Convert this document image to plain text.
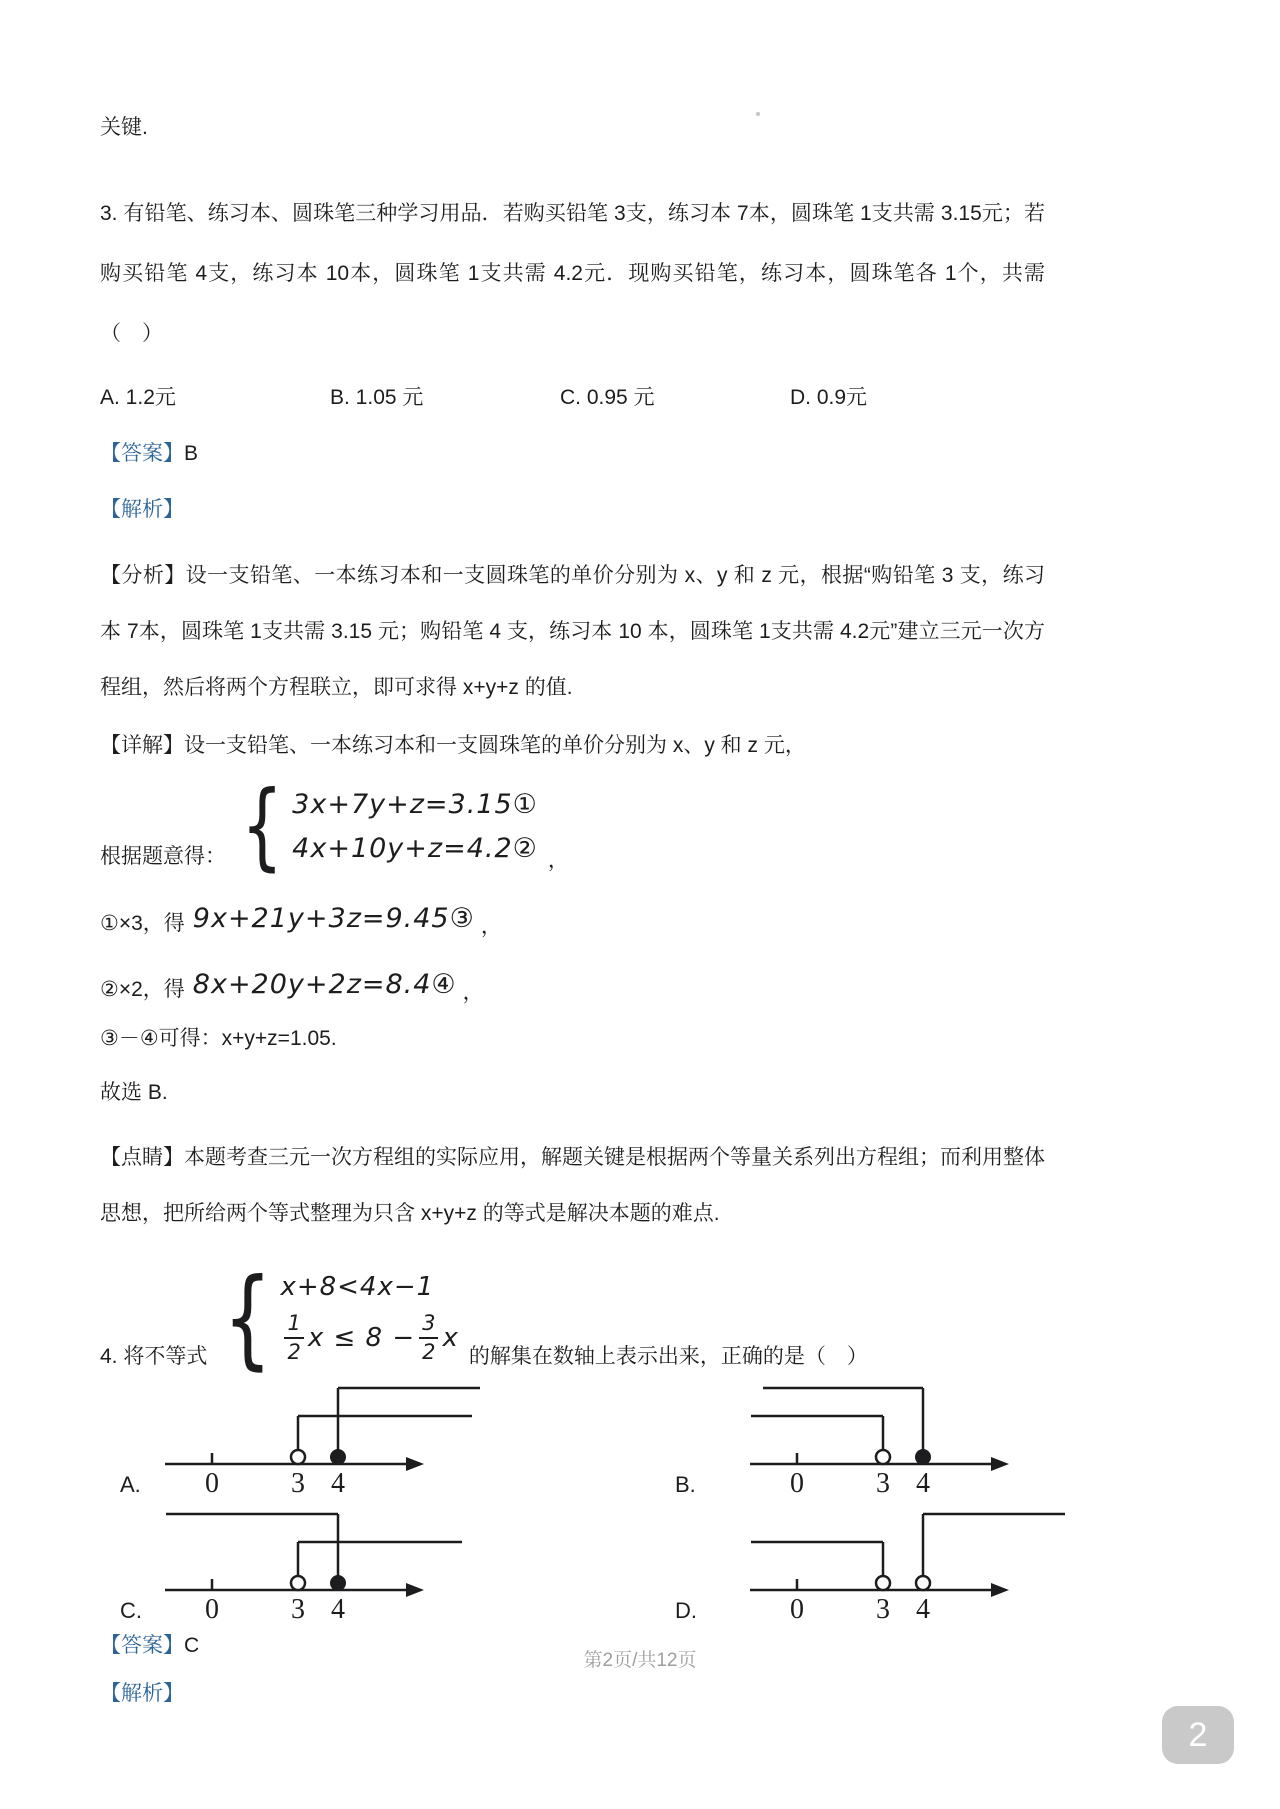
关键.

3. 有铅笔、练习本、圆珠笔三种学习用品．若购买铅笔 3支，练习本 7本，圆珠笔 1支共需 3.15元；若购买铅笔 4支，练习本 10本，圆珠笔 1支共需 4.2元．现购买铅笔，练习本，圆珠笔各 1个，共需（　）

A. 1.2元	B. 1.05 元	C. 0.95 元	D. 0.9元

【答案】B

【解析】

【分析】设一支铅笔、一本练习本和一支圆珠笔的单价分别为 x、y 和 z 元，根据“购铅笔 3 支，练习本 7本，圆珠笔 1支共需 3.15 元；购铅笔 4 支，练习本 10 本，圆珠笔 1支共需 4.2元”建立三元一次方程组，然后将两个方程联立，即可求得 x+y+z 的值.

【详解】设一支铅笔、一本练习本和一支圆珠笔的单价分别为 x、y 和 z 元，

根据题意得： { 3x+7y+z=3.15①
4x+10y+z=4.2② ，
①×3，得 9x+21y+3z=9.45③ ，
②×2，得 8x+20y+2z=8.4④ ，

③－④可得：x+y+z=1.05.

故选 B.

【点睛】本题考查三元一次方程组的实际应用，解题关键是根据两个等量关系列出方程组；而利用整体思想，把所给两个等式整理为只含 x+y+z 的等式是解决本题的难点.

4. 将不等式 { x+8<4x−1
$\frac{1}{2}$ $x \le 8 - \frac{3}{2}$ x
的解集在数轴上表示出来，正确的是（　）
0	3 4
A.	0	3 4
B.
0	3 4
C.	0	3 4
D.

【答案】C

【解析】

第2页/共12页
2
